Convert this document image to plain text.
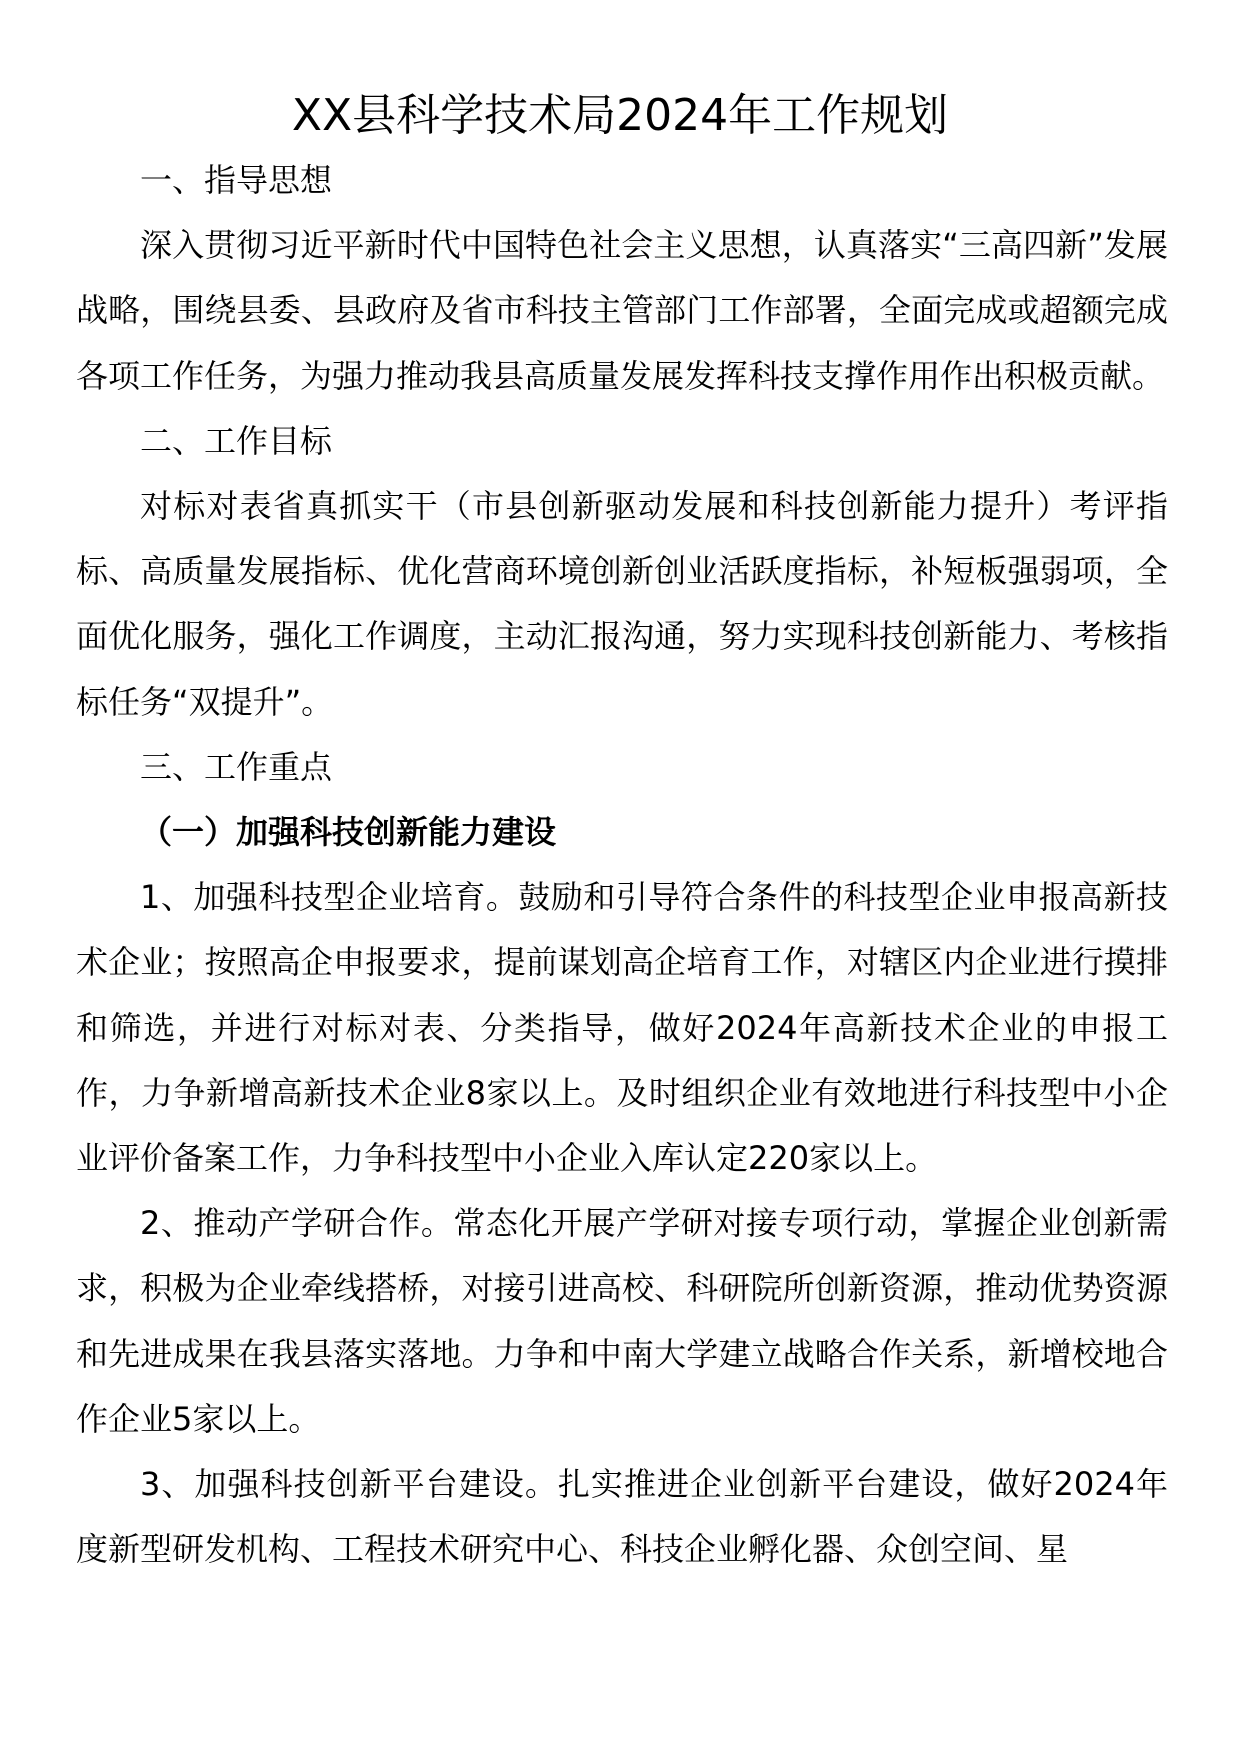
XX县科学技术局2024年工作规划

一、指导思想

深入贯彻习近平新时代中国特色社会主义思想，认真落实“三高四新”发展战略，围绕县委、县政府及省市科技主管部门工作部署，全面完成或超额完成各项工作任务，为强力推动我县高质量发展发挥科技支撑作用作出积极贡献。

二、工作目标

对标对表省真抓实干（市县创新驱动发展和科技创新能力提升）考评指标、高质量发展指标、优化营商环境创新创业活跃度指标，补短板强弱项，全面优化服务，强化工作调度，主动汇报沟通，努力实现科技创新能力、考核指标任务“双提升”。

三、工作重点

（一）加强科技创新能力建设

1、加强科技型企业培育。鼓励和引导符合条件的科技型企业申报高新技术企业；按照高企申报要求，提前谋划高企培育工作，对辖区内企业进行摸排和筛选，并进行对标对表、分类指导，做好2024年高新技术企业的申报工作，力争新增高新技术企业8家以上。及时组织企业有效地进行科技型中小企业评价备案工作，力争科技型中小企业入库认定220家以上。

2、推动产学研合作。常态化开展产学研对接专项行动，掌握企业创新需求，积极为企业牵线搭桥，对接引进高校、科研院所创新资源，推动优势资源和先进成果在我县落实落地。力争和中南大学建立战略合作关系，新增校地合作企业5家以上。

3、加强科技创新平台建设。扎实推进企业创新平台建设，做好2024年度新型研发机构、工程技术研究中心、科技企业孵化器、众创空间、星
